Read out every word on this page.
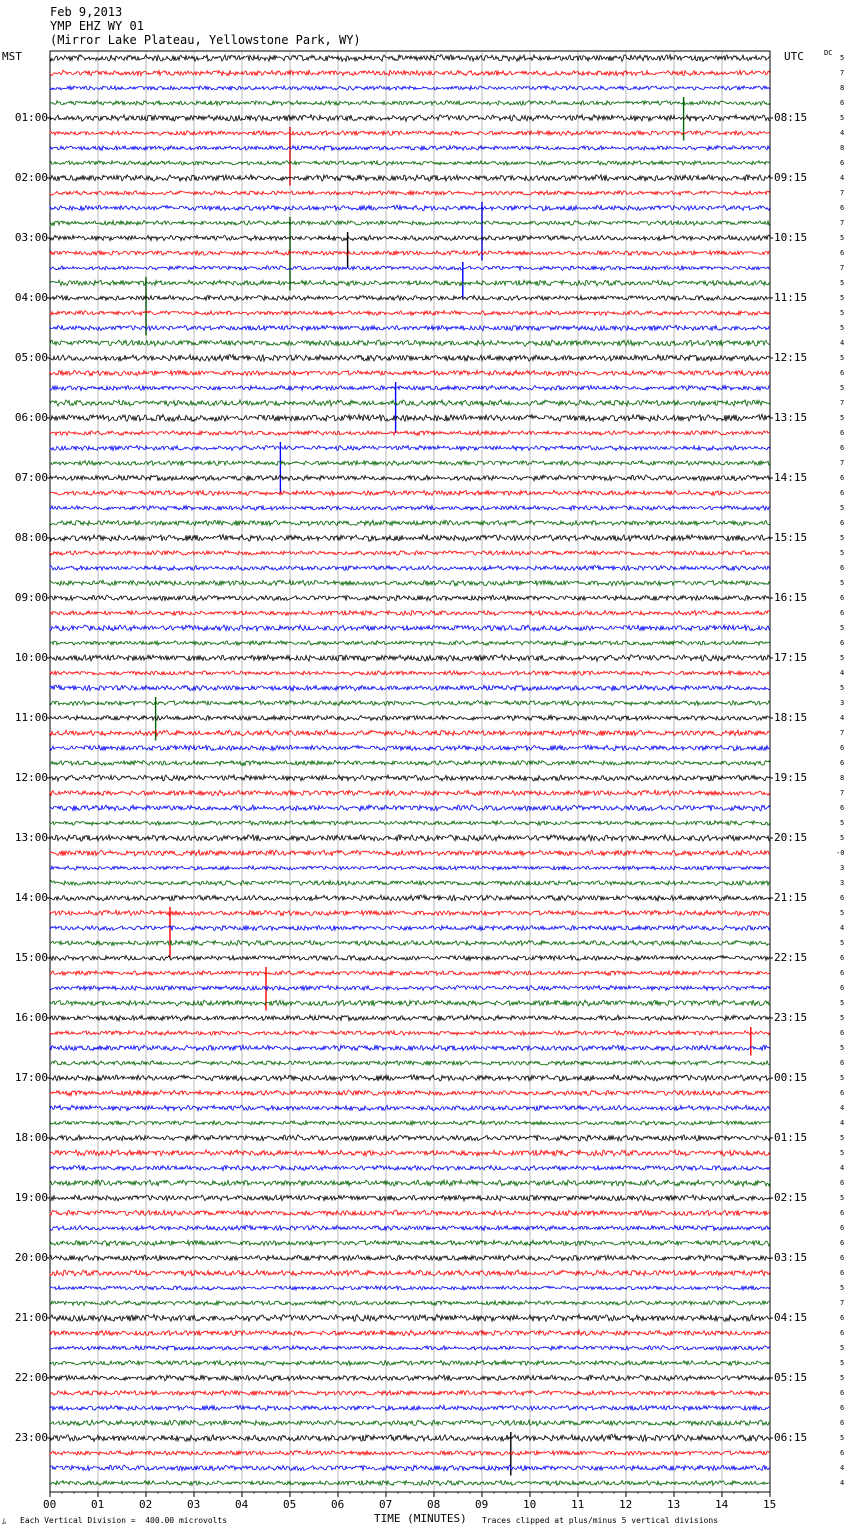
Feb 9,2013
YMP EHZ WY 01
(Mirror Lake Plateau, Yellowstone Park, WY)
MST	UTC	DC
00	01	02	03	04	05	06	07	08	09	10	11	12	13	14	15
01:00
02:00
03:00
04:00
05:00
06:00
07:00
08:00
09:00
10:00
11:00
12:00
13:00
14:00
15:00
16:00
17:00
18:00
19:00
20:00
21:00
22:00
23:00
08:15
09:15
10:15
11:15
12:15
13:15
14:15
15:15
16:15
17:15
18:15
19:15
20:15
21:15
22:15
23:15
00:15
01:15
02:15
03:15
04:15
05:15
06:15
5
7
8
6
5
4
8
6
4
7
6
7
5
6
7
5
5
5
5
4
5
6
5
7
5
6
6
7
6
6
5
6
5
5
6
5
6
6
5
6
5
4
5
3
4
7
6
6
8
7
6
5
5
-0
3
3
6
5
4
5
6
6
6
5
5
6
5
6
5
6
4
4
5
5
4
6
5
6
6
6
6
6
5
7
6
6
5
5
5
6
6
6
5
6
4
4
ﾑ Each Vertical Division =  400.00 microvolts	TIME (MINUTES) Traces clipped at plus/minus 5 vertical divisions
